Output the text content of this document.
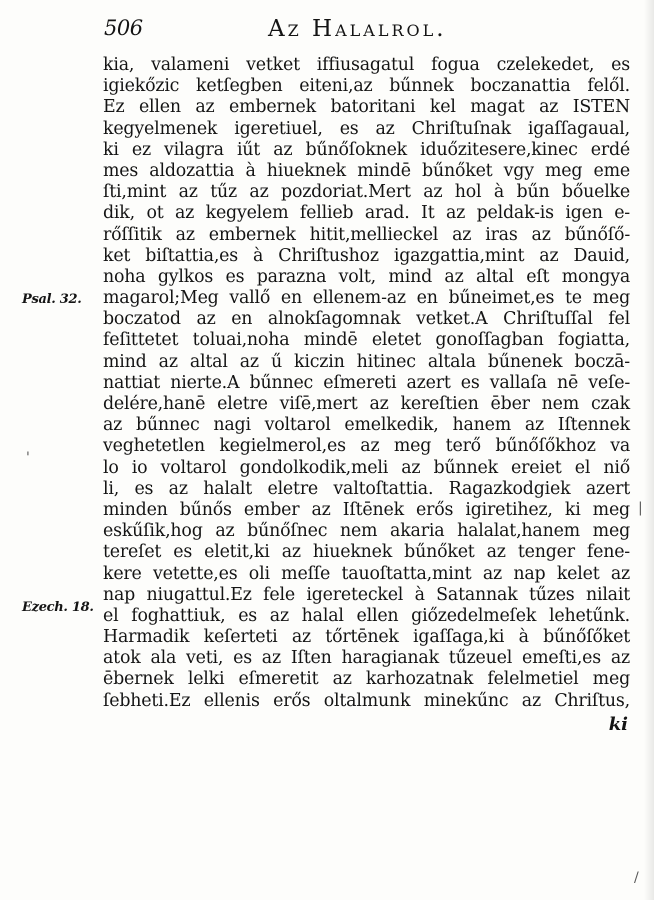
506	Az Halalrol.
Psal. 32.
Ezech. 18.
kia, valameni vetket iffiusagatul fogua czelekedet, es
igiekőzic ketſegben eiteni,az bűnnek boczanattia felől.
Ez ellen az embernek batoritani kel magat az ISTEN
kegyelmenek igeretiuel, es az Chriſtuſnak igaſſagaual,
ki ez vilagra iűt az bűnőſoknek iduőzitesere,kinec erdé
mes aldozattia à hiueknek mindē bűnőket vgy meg eme
ſti,mint az tűz az pozdoriat.Mert az hol à bűn bőuelke
dik, ot az kegyelem fellieb arad. It az peldak-is igen e-
rőſſitik az embernek hitit,mellieckel az iras az bűnőſő-
ket biſtattia,es à Chriſtushoz igazgattia,mint az Dauid,
noha gylkos es parazna volt, mind az altal eſt mongya
magarol;Meg vallő en ellenem-az en bűneimet,es te meg
boczatod az en alnokſagomnak vetket.A Chriſtuſſal fel
feſittetet toluai,noha mindē eletet gonoſſagban fogiatta,
mind az altal az ű kiczin hitinec altala bűnenek boczā-
nattiat nierte.A bűnnec eſmereti azert es vallaſa nē veſe-
delére,hanē eletre viſē,mert az kereſtien ēber nem czak
az bűnnec nagi voltarol emelkedik, hanem az Iſtennek
veghetetlen kegielmerol,es az meg terő bűnőſőkhoz va
lo io voltarol gondolkodik,meli az bűnnek ereiet el niő
li, es az halalt eletre valtoſtattia. Ragazkodgiek azert
minden bűnős ember az Iſtēnek erős igiretihez, ki meg
eskűſik,hog az bűnőſnec nem akaria halalat,hanem meg
tereſet es eletit,ki az hiueknek bűnőket az tenger fene-
kere vetette,es oli meſſe tauoſtatta,mint az nap kelet az
nap niugattul.Ez fele igereteckel à Satannak tűzes nilait
el foghattiuk, es az halal ellen giőzedelmeſek lehetűnk.
Harmadik keſerteti az tőrtēnek igaſſaga,ki à bűnőſőket
atok ala veti, es az Iſten haragianak tűzeuel emeſti,es az
ēbernek lelki eſmeretit az karhozatnak felelmetiel meg
ſebheti.Ez ellenis erős oltalmunk minekűnc az Chriſtus,
ki
'
|
/
